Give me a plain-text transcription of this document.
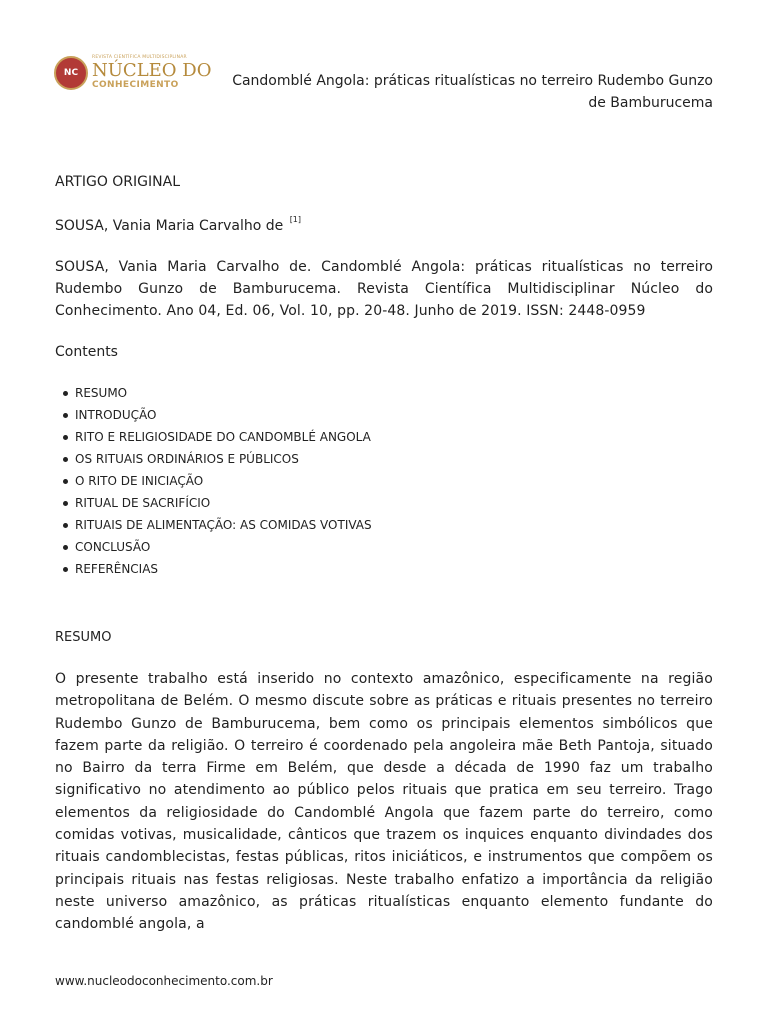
NC
REVISTA CIENTÍFICA MULTIDISCIPLINAR
NÚCLEO DO
CONHECIMENTO	Candomblé Angola: práticas ritualísticas no terreiro Rudembo Gunzo
de Bamburucema

ARTIGO ORIGINAL

SOUSA, Vania Maria Carvalho de [1]

SOUSA, Vania Maria Carvalho de. Candomblé Angola: práticas ritualísticas no terreiro Rudembo Gunzo de Bamburucema. Revista Científica Multidisciplinar Núcleo do Conhecimento. Ano 04, Ed. 06, Vol. 10, pp. 20-48. Junho de 2019. ISSN: 2448-0959

Contents

RESUMO
INTRODUÇÃO
RITO E RELIGIOSIDADE DO CANDOMBLÉ ANGOLA
OS RITUAIS ORDINÁRIOS E PÚBLICOS
O RITO DE INICIAÇÃO
RITUAL DE SACRIFÍCIO
RITUAIS DE ALIMENTAÇÃO: AS COMIDAS VOTIVAS
CONCLUSÃO
REFERÊNCIAS

RESUMO

O presente trabalho está inserido no contexto amazônico, especificamente na região metropolitana de Belém. O mesmo discute sobre as práticas e rituais presentes no terreiro Rudembo Gunzo de Bamburucema, bem como os principais elementos simbólicos que fazem parte da religião. O terreiro é coordenado pela angoleira mãe Beth Pantoja, situado no Bairro da terra Firme em Belém, que desde a década de 1990 faz um trabalho significativo no atendimento ao público pelos rituais que pratica em seu terreiro. Trago elementos da religiosidade do Candomblé Angola que fazem parte do terreiro, como comidas votivas, musicalidade, cânticos que trazem os inquices enquanto divindades dos rituais candomblecistas, festas públicas, ritos iniciáticos, e instrumentos que compõem os principais rituais nas festas religiosas. Neste trabalho enfatizo a importância da religião neste universo amazônico, as práticas ritualísticas enquanto elemento fundante do candomblé angola, a

www.nucleodoconhecimento.com.br
